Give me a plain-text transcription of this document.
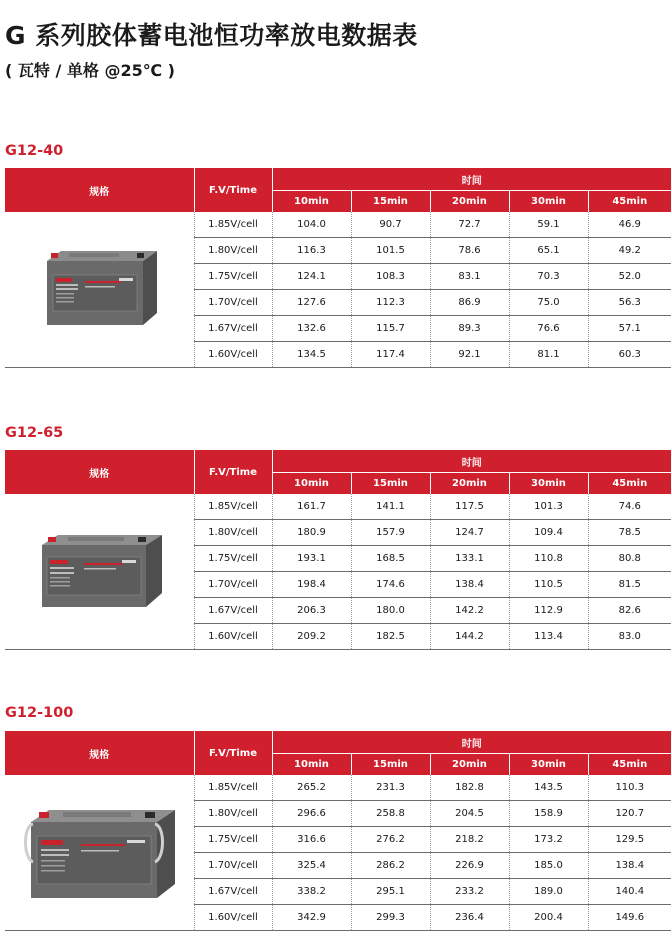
G 系列胶体蓄电池恒功率放电数据表
( 瓦特 / 单格 @25℃ )
G12-40
规格	F.V/Time	时间				
		10min	15min	20min	30min	45min

	1.85V/cell	104.0	90.7	72.7	59.1	46.9
	1.80V/cell	116.3	101.5	78.6	65.1	49.2
	1.75V/cell	124.1	108.3	83.1	70.3	52.0
	1.70V/cell	127.6	112.3	86.9	75.0	56.3
	1.67V/cell	132.6	115.7	89.3	76.6	57.1
	1.60V/cell	134.5	117.4	92.1	81.1	60.3
G12-65
规格	F.V/Time	时间				
		10min	15min	20min	30min	45min

	1.85V/cell	161.7	141.1	117.5	101.3	74.6
	1.80V/cell	180.9	157.9	124.7	109.4	78.5
	1.75V/cell	193.1	168.5	133.1	110.8	80.8
	1.70V/cell	198.4	174.6	138.4	110.5	81.5
	1.67V/cell	206.3	180.0	142.2	112.9	82.6
	1.60V/cell	209.2	182.5	144.2	113.4	83.0
G12-100
规格	F.V/Time	时间				
		10min	15min	20min	30min	45min

	1.85V/cell	265.2	231.3	182.8	143.5	110.3
	1.80V/cell	296.6	258.8	204.5	158.9	120.7
	1.75V/cell	316.6	276.2	218.2	173.2	129.5
	1.70V/cell	325.4	286.2	226.9	185.0	138.4
	1.67V/cell	338.2	295.1	233.2	189.0	140.4
	1.60V/cell	342.9	299.3	236.4	200.4	149.6
